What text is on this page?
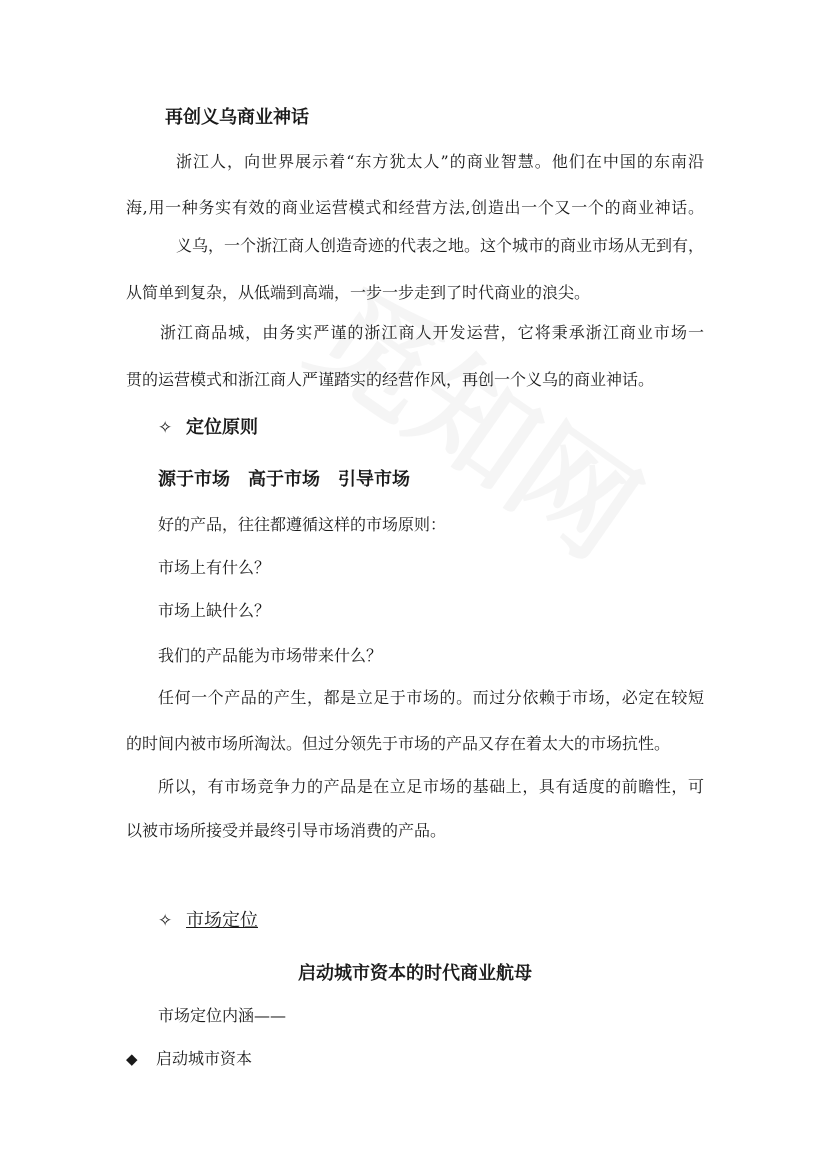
再创义乌商业神话

浙江人，向世界展示着“东方犹太人”的商业智慧。他们在中国的东南沿

海,用一种务实有效的商业运营模式和经营方法,创造出一个又一个的商业神话。

义乌，一个浙江商人创造奇迹的代表之地。这个城市的商业市场从无到有，

从简单到复杂，从低端到高端，一步一步走到了时代商业的浪尖。

浙江商品城，由务实严谨的浙江商人开发运营，它将秉承浙江商业市场一

贯的运营模式和浙江商人严谨踏实的经营作风，再创一个义乌的商业神话。

✧ 定位原则
源于市场　高于市场　引导市场

好的产品，往往都遵循这样的市场原则：

市场上有什么？

市场上缺什么？

我们的产品能为市场带来什么？

任何一个产品的产生，都是立足于市场的。而过分依赖于市场，必定在较短

的时间内被市场所淘汰。但过分领先于市场的产品又存在着太大的市场抗性。

所以，有市场竞争力的产品是在立足市场的基础上，具有适度的前瞻性，可

以被市场所接受并最终引导市场消费的产品。

✧ 市场定位
启动城市资本的时代商业航母

市场定位内涵——

◆ 启动城市资本
